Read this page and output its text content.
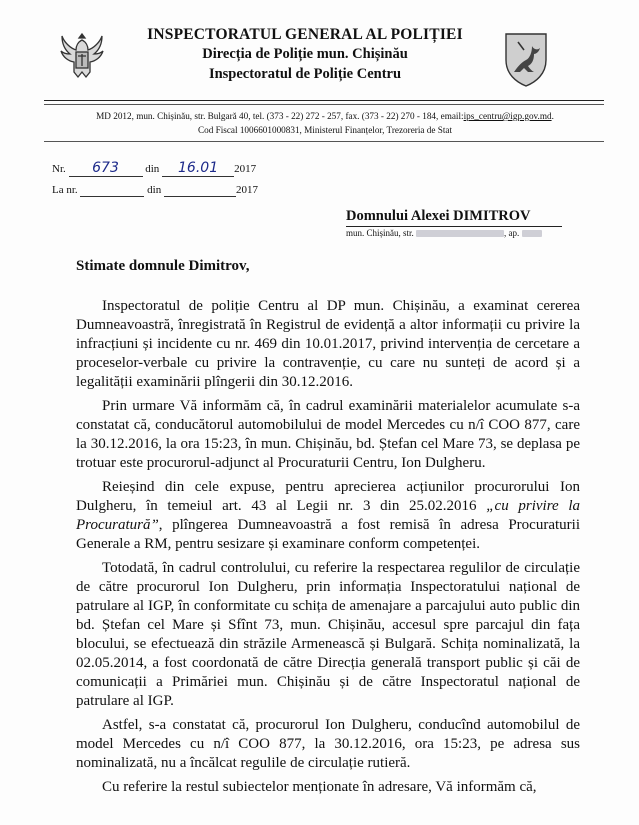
INSPECTORATUL GENERAL AL POLIȚIEI
Direcția de Poliție mun. Chișinău
Inspectoratul de Poliție Centru
MD 2012, mun. Chișinău, str. Bulgară 40, tel. (373 - 22) 272 - 257, fax. (373 - 22) 270 - 184, email:ips_centru@igp.gov.md.
Cod Fiscal 1006601000831, Ministerul Finanțelor, Trezoreria de Stat
Nr. 673 din 16.01 2017
La nr.	din	2017
Domnului Alexei DIMITROV
mun. Chișinău, str.	, ap.
Stimate domnule Dimitrov,

Inspectoratul de poliție Centru al DP mun. Chișinău, a examinat cererea Dumneavoastră, înregistrată în Registrul de evidență a altor informații cu privire la infracțiuni și incidente cu nr. 469 din 10.01.2017, privind intervenția de cercetare a proceselor-verbale cu privire la contravenție, cu care nu sunteți de acord și a legalității examinării plîngerii din 30.12.2016.

Prin urmare Vă informăm că, în cadrul examinării materialelor acumulate s-a constatat că, conducătorul automobilului de model Mercedes cu n/î COO 877, care la 30.12.2016, la ora 15:23, în mun. Chișinău, bd. Ștefan cel Mare 73, se deplasa pe trotuar este procurorul-adjunct al Procuraturii Centru, Ion Dulgheru.

Reieșind din cele expuse, pentru aprecierea acțiunilor procurorului Ion Dulgheru, în temeiul art. 43 al Legii nr. 3 din 25.02.2016 „cu privire la Procuratură”, plîngerea Dumneavoastră a fost remisă în adresa Procuraturii Generale a RM, pentru sesizare și examinare conform competenței.

Totodată, în cadrul controlului, cu referire la respectarea regulilor de circulație de către procurorul Ion Dulgheru, prin informația Inspectoratului național de patrulare al IGP, în conformitate cu schița de amenajare a parcajului auto public din bd. Ștefan cel Mare și Sfînt 73, mun. Chișinău, accesul spre parcajul din fața blocului, se efectuează din străzile Armenească și Bulgară. Schița nominalizată, la 02.05.2014, a fost coordonată de către Direcția generală transport public și căi de comunicații a Primăriei mun. Chișinău și de către Inspectoratul național de patrulare al IGP.

Astfel, s-a constatat că, procurorul Ion Dulgheru, conducînd automobilul de model Mercedes cu n/î COO 877, la 30.12.2016, ora 15:23, pe adresa sus nominalizată, nu a încălcat regulile de circulație rutieră.

Cu referire la restul subiectelor menționate în adresare, Vă informăm că,
